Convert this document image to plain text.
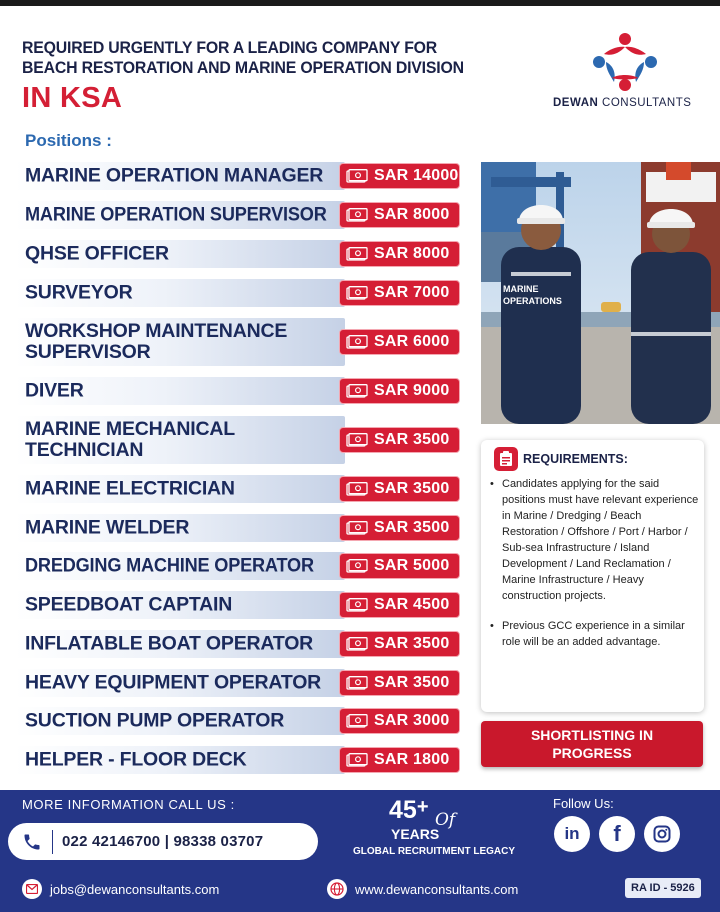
REQUIRED URGENTLY FOR A LEADING COMPANY FOR
BEACH RESTORATION AND MARINE OPERATION DIVISION
IN KSA	DEWAN CONSULTANTS
Positions :
MARINE OPERATION MANAGER	SAR 14000
MARINE OPERATION SUPERVISOR	SAR 8000
QHSE OFFICER	SAR 8000
SURVEYOR	SAR 7000
WORKSHOP MAINTENANCE
SUPERVISOR	SAR 6000
DIVER	SAR 9000
MARINE MECHANICAL
TECHNICIAN	SAR 3500
MARINE ELECTRICIAN	SAR 3500
MARINE WELDER	SAR 3500
DREDGING MACHINE OPERATOR	SAR 5000
SPEEDBOAT CAPTAIN	SAR 4500
INFLATABLE BOAT OPERATOR	SAR 3500
HEAVY EQUIPMENT OPERATOR	SAR 3500
SUCTION PUMP OPERATOR	SAR 3000
HELPER - FLOOR DECK	SAR 1800
MARINE
OPERATIONS
REQUIREMENTS:
• Candidates applying for the said positions must have relevant experience in Marine / Dredging / Beach Restoration / Offshore / Port / Harbor / Sub-sea Infrastructure / Island Development / Land Reclamation / Marine Infrastructure / Heavy construction projects.
• Previous GCC experience in a similar role will be an added advantage.
SHORTLISTING IN
PROGRESS
MORE INFORMATION CALL US :
022 42146700 | 98338 03707
45+
Of
YEARS
GLOBAL RECRUITMENT LEGACY
Follow Us:
in f
jobs@dewanconsultants.com	www.dewanconsultants.com	RA ID - 5926
